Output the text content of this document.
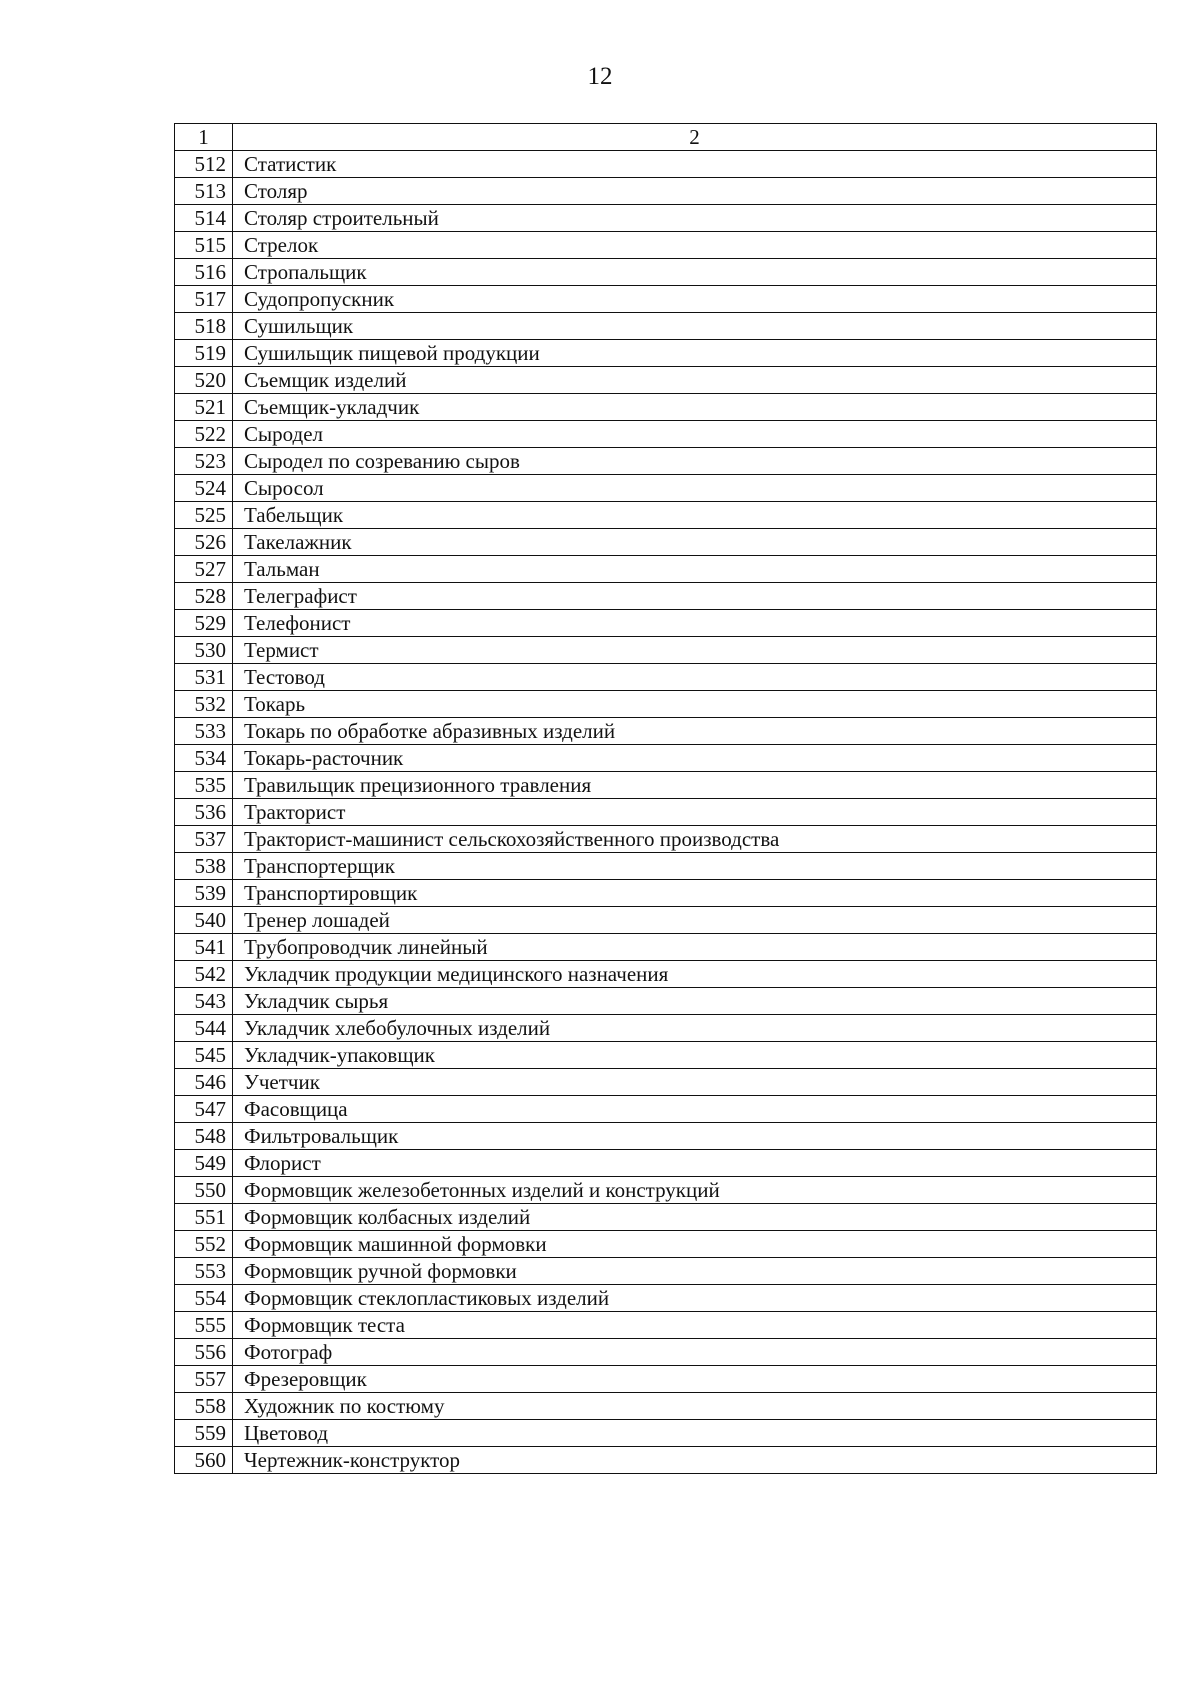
12
1	2
512	Статистик
513	Столяр
514	Столяр строительный
515	Стрелок
516	Стропальщик
517	Судопропускник
518	Сушильщик
519	Сушильщик пищевой продукции
520	Съемщик изделий
521	Съемщик-укладчик
522	Сыродел
523	Сыродел по созреванию сыров
524	Сыросол
525	Табельщик
526	Такелажник
527	Тальман
528	Телеграфист
529	Телефонист
530	Термист
531	Тестовод
532	Токарь
533	Токарь по обработке абразивных изделий
534	Токарь-расточник
535	Травильщик прецизионного травления
536	Тракторист
537	Тракторист-машинист сельскохозяйственного производства
538	Транспортерщик
539	Транспортировщик
540	Тренер лошадей
541	Трубопроводчик линейный
542	Укладчик продукции медицинского назначения
543	Укладчик сырья
544	Укладчик хлебобулочных изделий
545	Укладчик-упаковщик
546	Учетчик
547	Фасовщица
548	Фильтровальщик
549	Флорист
550	Формовщик железобетонных изделий и конструкций
551	Формовщик колбасных изделий
552	Формовщик машинной формовки
553	Формовщик ручной формовки
554	Формовщик стеклопластиковых изделий
555	Формовщик теста
556	Фотограф
557	Фрезеровщик
558	Художник по костюму
559	Цветовод
560	Чертежник-конструктор
